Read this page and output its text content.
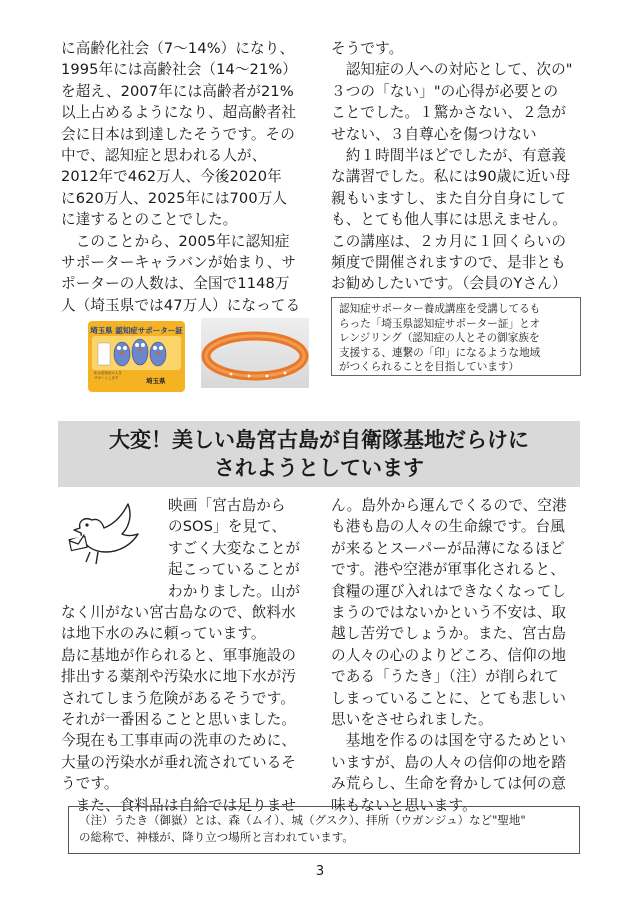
に高齢化社会（7～14%）になり、

1995年には高齢社会（14～21%）

を超え、2007年には高齢者が21%

以上占めるようになり、超高齢者社

会に日本は到達したそうです。その

中で、認知症と思われる人が、

2012年で462万人、今後2020年

に620万人、2025年には700万人

に達するとのことでした。

　このことから、2005年に認知症

サポーターキャラバンが始まり、サ

ポーターの人数は、全国で1148万

人（埼玉県では47万人）になってる

そうです。

　認知症の人への対応として、次の"

３つの「ない」"の心得が必要との

ことでした。１驚かさない、２急が

せない、３自尊心を傷つけない

　約１時間半ほどでしたが、有意義

な講習でした。私には90歳に近い母

親もいますし、また自分自身にして

も、とても他人事には思えません。

この講座は、２カ月に１回くらいの

頻度で開催されますので、是非とも

お勧めしたいです。（会員のYさん）

埼玉県 認知症サポーター証
私は認知症の人を
サポートします	埼玉県

認知症サポーター養成講座を受講してるも

らった「埼玉県認知症サポーター証」とオ

レンジリング（認知症の人とその御家族を

支援する、連繋の「印」になるような地域

がつくられることを目指しています）

大変！美しい島宮古島が自衛隊基地だらけに
されようとしています

映画「宮古島から

のSOS」を見て、

すごく大変なことが

起こっていることが

わかりました。山が

なく川がない宮古島なので、飲料水

は地下水のみに頼っています。

島に基地が作られると、軍事施設の

排出する薬剤や汚染水に地下水が汚

されてしまう危険があるそうです。

それが一番困ることと思いました。

今現在も工事車両の洗車のために、

大量の汚染水が垂れ流されているそ

うです。

　また、食料品は自給では足りませ

ん。島外から運んでくるので、空港

も港も島の人々の生命線です。台風

が来るとスーパーが品薄になるほど

です。港や空港が軍事化されると、

食糧の運び入れはできなくなってし

まうのではないかという不安は、取

越し苦労でしょうか。また、宮古島

の人々の心のよりどころ、信仰の地

である「うたき」（注）が削られて

しまっていることに、とても悲しい

思いをさせられました。

　基地を作るのは国を守るためとい

いますが、島の人々の信仰の地を踏

み荒らし、生命を脅かしては何の意

味もないと思います。

（注）うたき（御嶽）とは、森（ムイ）、城（グスク）、拝所（ウガンジュ）など"聖地"

の総称で、神様が、降り立つ場所と言われています。

3
